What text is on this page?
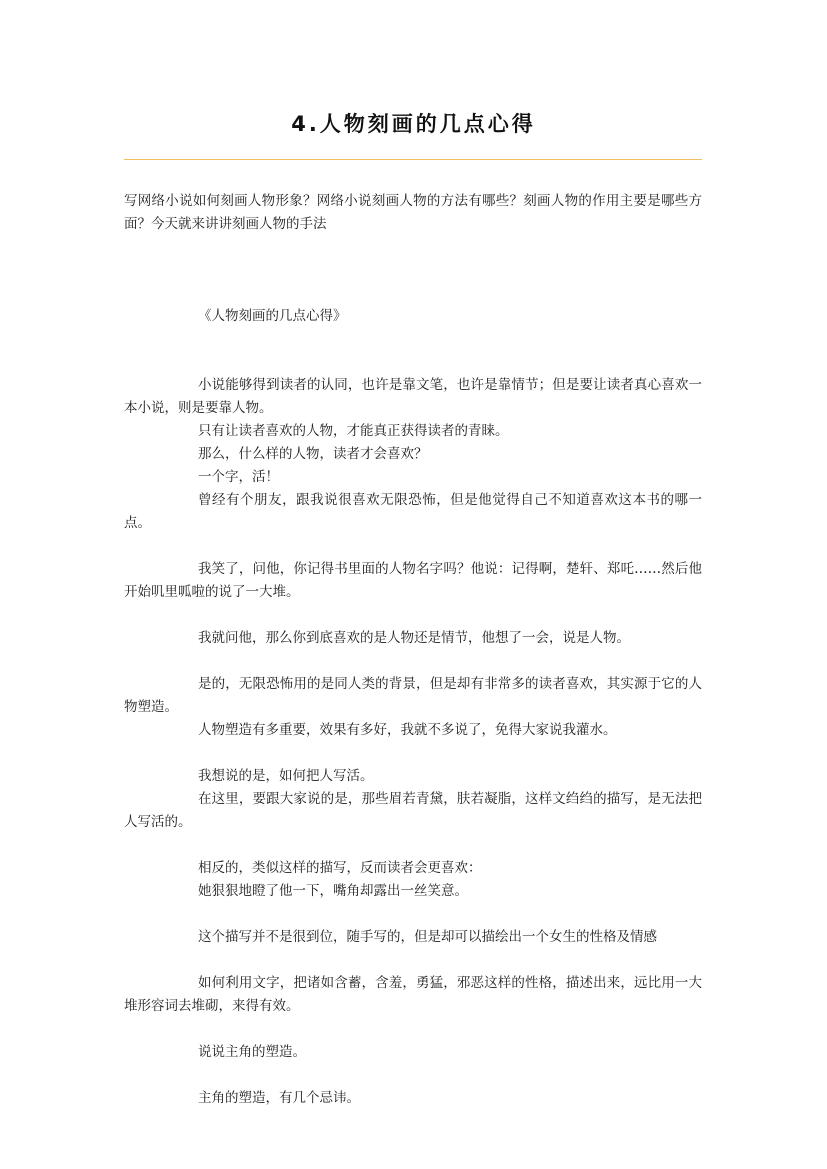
4.人物刻画的几点心得

写网络小说如何刻画人物形象？网络小说刻画人物的方法有哪些？刻画人物的作用主要是哪些方面？今天就来讲讲刻画人物的手法

《人物刻画的几点心得》

小说能够得到读者的认同，也许是靠文笔，也许是靠情节；但是要让读者真心喜欢一本小说，则是要靠人物。

只有让读者喜欢的人物，才能真正获得读者的青睐。

那么，什么样的人物，读者才会喜欢？

一个字，活！

曾经有个朋友，跟我说很喜欢无限恐怖，但是他觉得自己不知道喜欢这本书的哪一点。

我笑了，问他，你记得书里面的人物名字吗？他说：记得啊，楚轩、郑吒……然后他开始叽里呱啦的说了一大堆。

我就问他，那么你到底喜欢的是人物还是情节，他想了一会，说是人物。

是的，无限恐怖用的是同人类的背景，但是却有非常多的读者喜欢，其实源于它的人物塑造。

人物塑造有多重要，效果有多好，我就不多说了，免得大家说我灌水。

我想说的是，如何把人写活。

在这里，要跟大家说的是，那些眉若青黛，肤若凝脂，这样文绉绉的描写，是无法把人写活的。

相反的，类似这样的描写，反而读者会更喜欢：

她狠狠地瞪了他一下，嘴角却露出一丝笑意。

这个描写并不是很到位，随手写的，但是却可以描绘出一个女生的性格及情感

如何利用文字，把诸如含蓄，含羞，勇猛，邪恶这样的性格，描述出来，远比用一大堆形容词去堆砌，来得有效。

说说主角的塑造。

主角的塑造，有几个忌讳。
